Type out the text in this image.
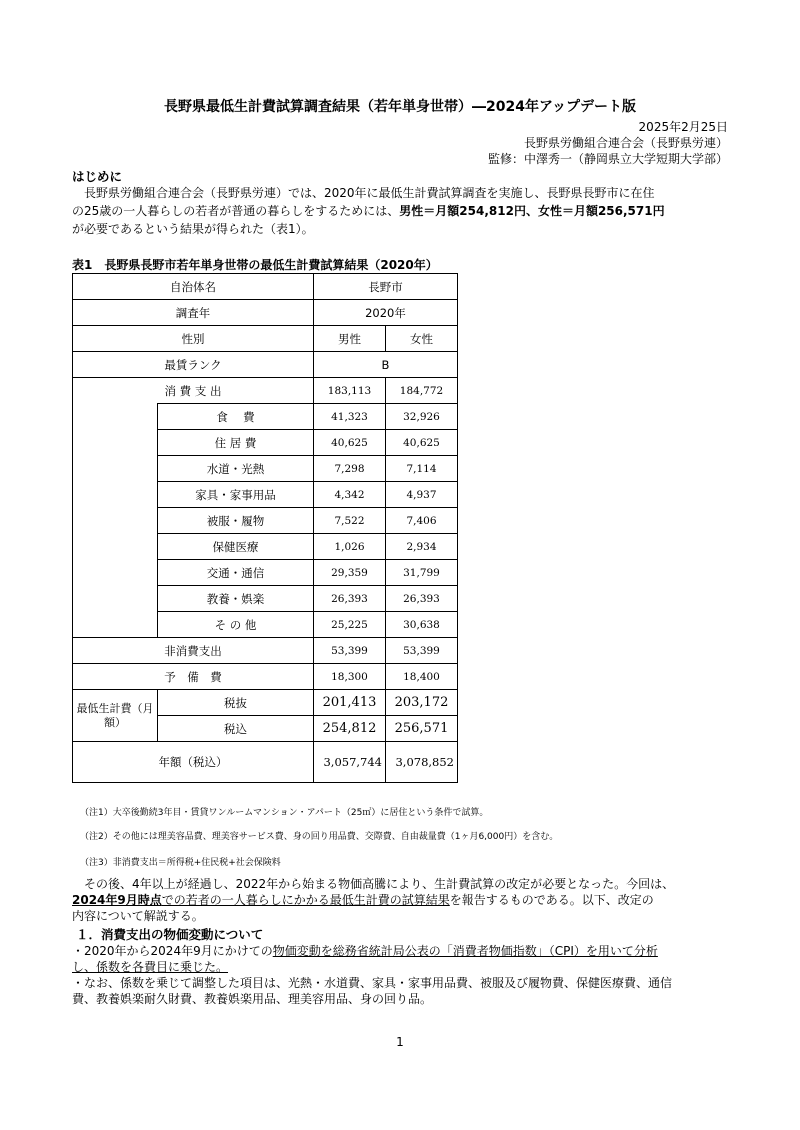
長野県最低生計費試算調査結果（若年単身世帯）―2024年アップデート版
2025年2月25日
長野県労働組合連合会（長野県労連）
監修：中澤秀一（静岡県立大学短期大学部）
はじめに
長野県労働組合連合会（長野県労連）では、2020年に最低生計費試算調査を実施し、長野県長野市に在住
の25歳の一人暮らしの若者が普通の暮らしをするためには、男性＝月額254,812円、女性＝月額256,571円
が必要であるという結果が得られた（表1）。
表1　長野県長野市若年単身世帯の最低生計費試算結果（2020年）
自治体名		長野市	
調査年		2020年	
性別		男性	女性
最賃ランク		B	
消 費 支 出		183,113	184,772
	食　 費	41,323	32,926
	住 居 費	40,625	40,625
	水道・光熱	7,298	7,114
	家具・家事用品	4,342	4,937
	被服・履物	7,522	7,406
	保健医療	1,026	2,934
	交通・通信	29,359	31,799
	教養・娯楽	26,393	26,393
	そ の 他	25,225	30,638
非消費支出		53,399	53,399
予　備　費		18,300	18,400
最低生計費（月額）	税抜	201,413	203,172
	税込	254,812	256,571
年額（税込）		3,057,744	3,078,852
（注1）大卒後勤続3年目・賃貸ワンルームマンション・アパート（25㎡）に居住という条件で試算。
（注2）その他には理美容品費、理美容サービス費、身の回り用品費、交際費、自由裁量費（1ヶ月6,000円）を含む。
（注3）非消費支出＝所得税+住民税+社会保険料
その後、4年以上が経過し、2022年から始まる物価高騰により、生計費試算の改定が必要となった。今回は、
2024年9月時点での若者の一人暮らしにかかる最低生計費の試算結果を報告するものである。以下、改定の
内容について解説する。
１．消費支出の物価変動について
・2020年から2024年9月にかけての物価変動を総務省統計局公表の「消費者物価指数」（CPI）を用いて分析
し、係数を各費目に乗じた。
・なお、係数を乗じて調整した項目は、光熱・水道費、家具・家事用品費、被服及び履物費、保健医療費、通信
費、教養娯楽耐久財費、教養娯楽用品、理美容用品、身の回り品。
1
